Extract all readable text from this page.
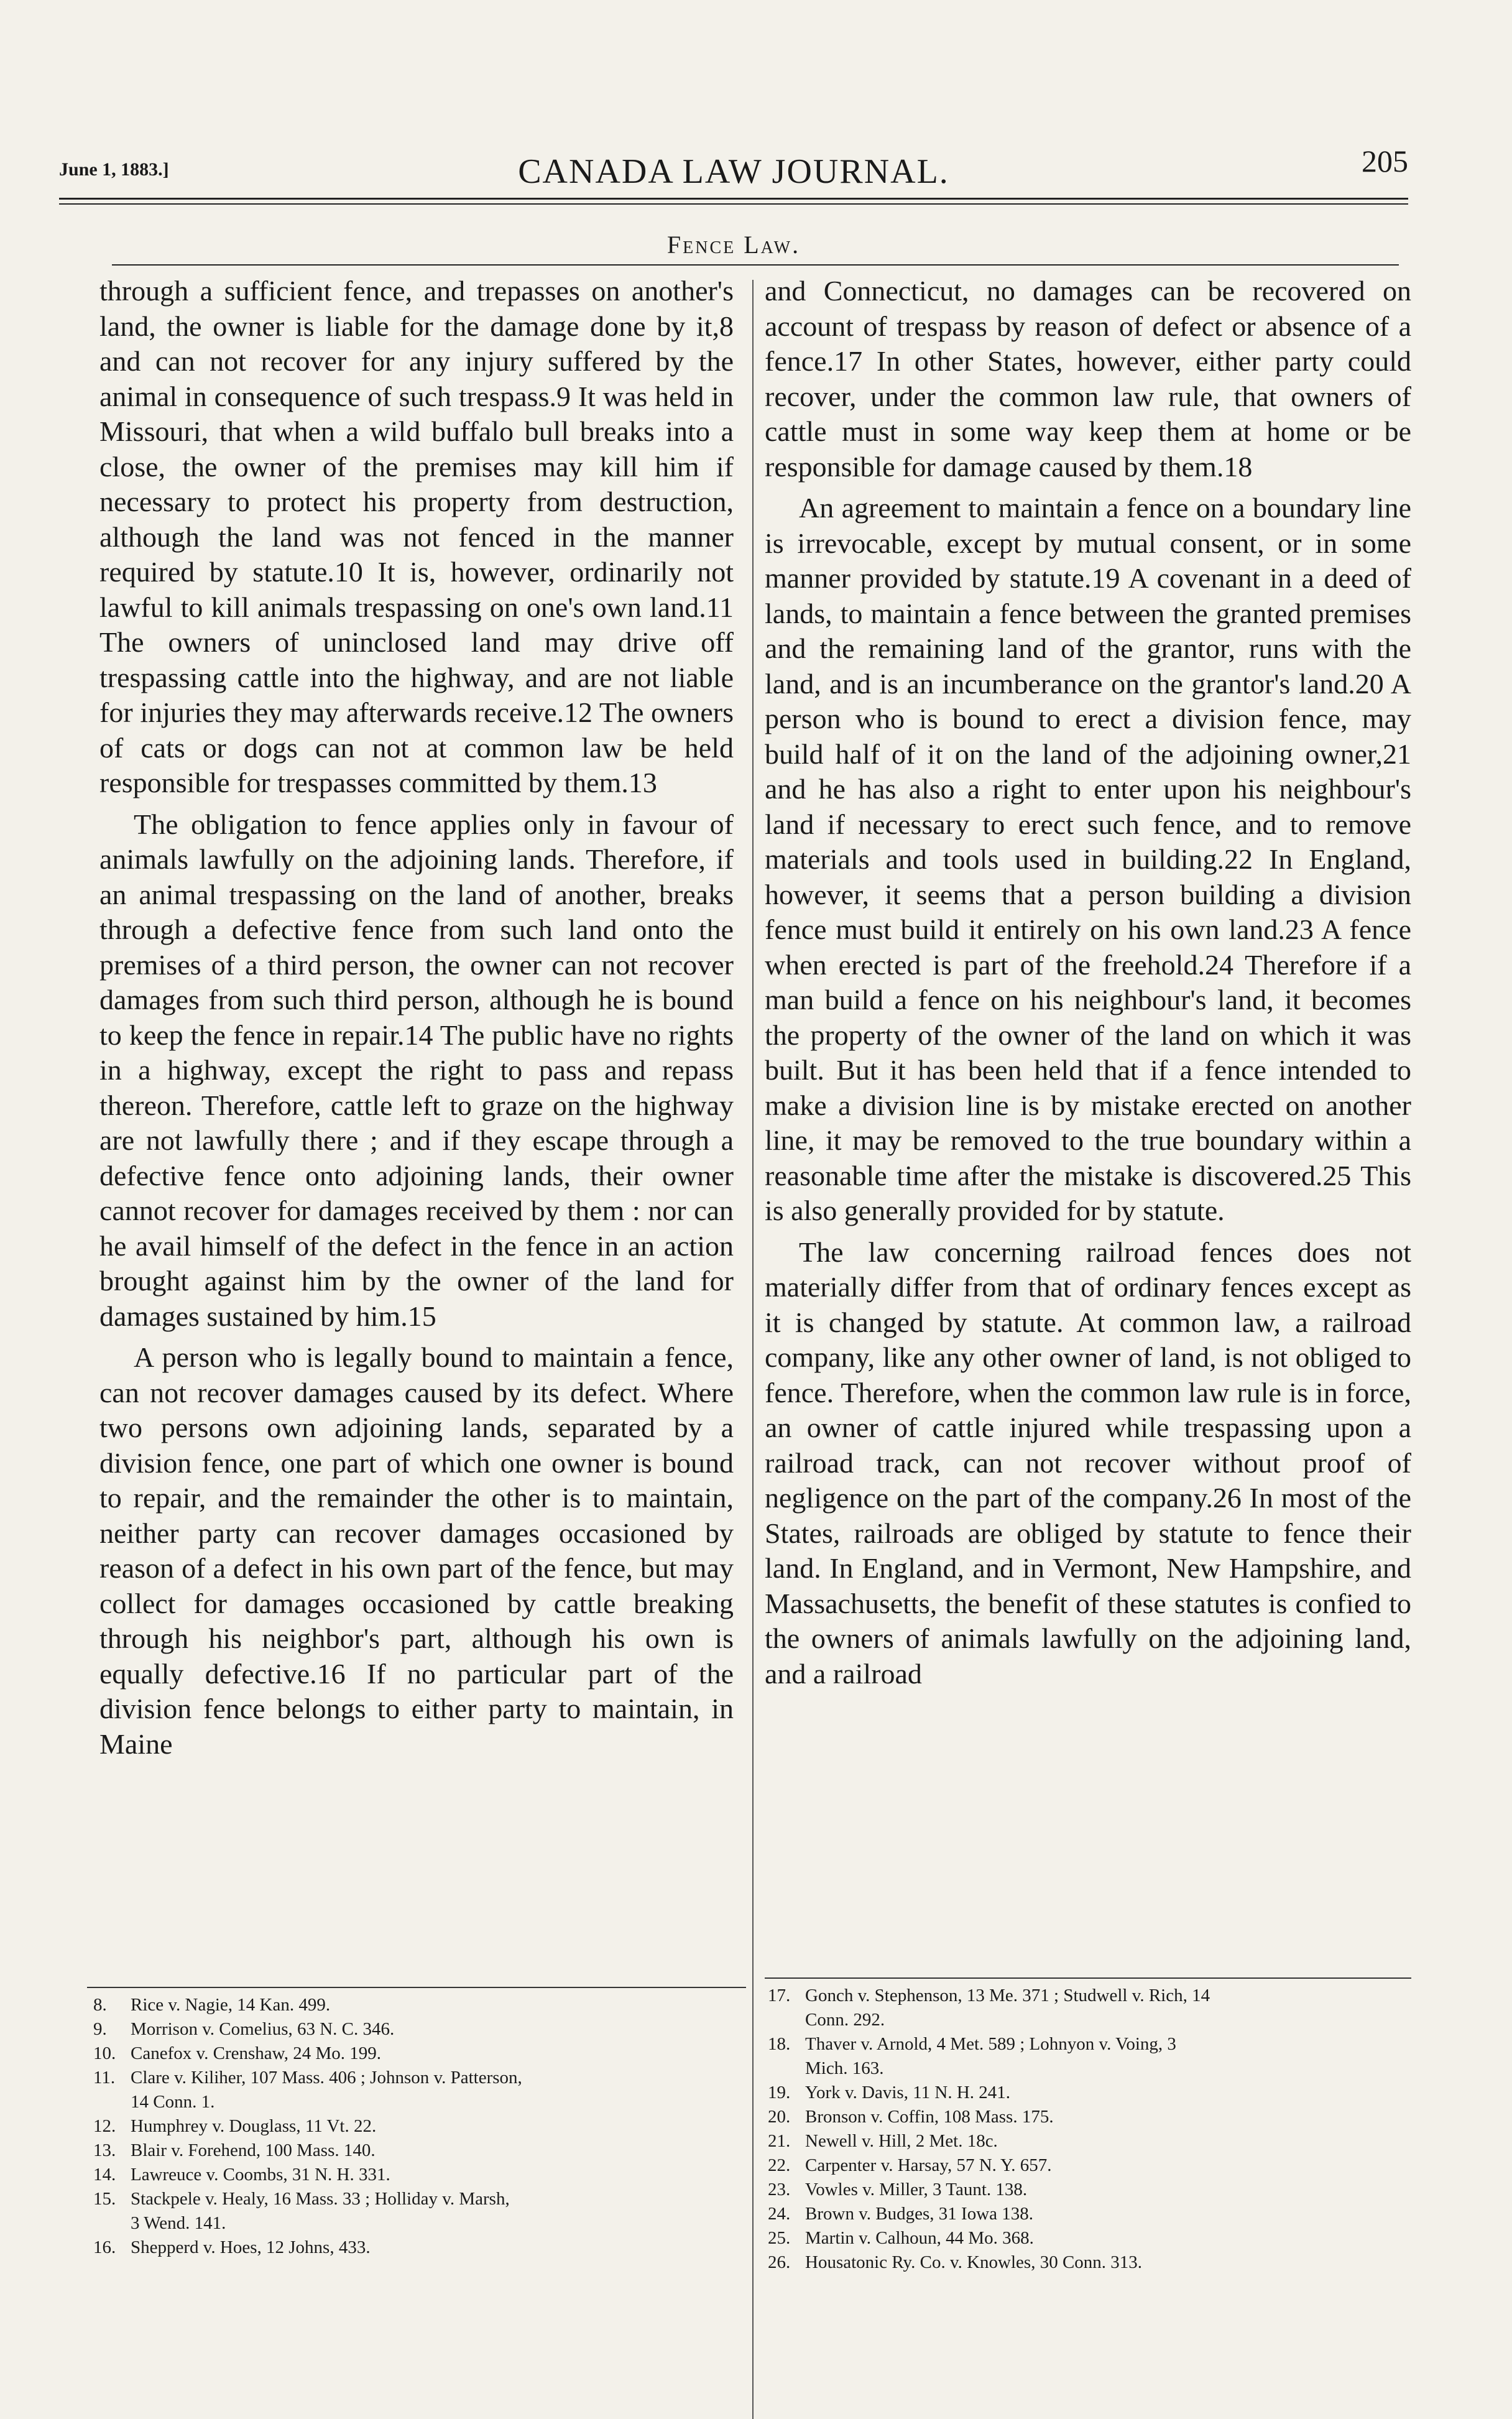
June 1, 1883.]	CANADA LAW JOURNAL.	205
Fence Law.

through a sufficient fence, and trepasses on another's land, the owner is liable for the damage done by it,8 and can not recover for any injury suffered by the animal in consequence of such trespass.9 It was held in Missouri, that when a wild buffalo bull breaks into a close, the owner of the premises may kill him if necessary to protect his property from destruction, although the land was not fenced in the manner required by statute.10 It is, however, ordinarily not lawful to kill animals trespassing on one's own land.11 The owners of uninclosed land may drive off trespassing cattle into the highway, and are not liable for injuries they may afterwards receive.12 The owners of cats or dogs can not at common law be held responsible for trespasses committed by them.13

The obligation to fence applies only in favour of animals lawfully on the adjoining lands. Therefore, if an animal trespassing on the land of another, breaks through a defective fence from such land onto the premises of a third person, the owner can not recover damages from such third person, although he is bound to keep the fence in repair.14 The public have no rights in a highway, except the right to pass and repass thereon. Therefore, cattle left to graze on the highway are not lawfully there ; and if they escape through a defective fence onto adjoining lands, their owner cannot recover for damages received by them : nor can he avail himself of the defect in the fence in an action brought against him by the owner of the land for damages sustained by him.15

A person who is legally bound to maintain a fence, can not recover damages caused by its defect. Where two persons own adjoining lands, separated by a division fence, one part of which one owner is bound to repair, and the remainder the other is to maintain, neither party can recover damages occasioned by reason of a defect in his own part of the fence, but may collect for damages occasioned by cattle breaking through his neighbor's part, although his own is equally defective.16 If no particular part of the division fence belongs to either party to maintain, in Maine

and Connecticut, no damages can be recovered on account of trespass by reason of defect or absence of a fence.17 In other States, however, either party could recover, under the common law rule, that owners of cattle must in some way keep them at home or be responsible for damage caused by them.18

An agreement to maintain a fence on a boundary line is irrevocable, except by mutual consent, or in some manner provided by statute.19 A covenant in a deed of lands, to maintain a fence between the granted premises and the remaining land of the grantor, runs with the land, and is an incumberance on the grantor's land.20 A person who is bound to erect a division fence, may build half of it on the land of the adjoining owner,21 and he has also a right to enter upon his neighbour's land if necessary to erect such fence, and to remove materials and tools used in building.22 In England, however, it seems that a person building a division fence must build it entirely on his own land.23 A fence when erected is part of the freehold.24 Therefore if a man build a fence on his neighbour's land, it becomes the property of the owner of the land on which it was built. But it has been held that if a fence intended to make a division line is by mistake erected on another line, it may be removed to the true boundary within a reasonable time after the mistake is discovered.25 This is also generally provided for by statute.

The law concerning railroad fences does not materially differ from that of ordinary fences except as it is changed by statute. At common law, a railroad company, like any other owner of land, is not obliged to fence. Therefore, when the common law rule is in force, an owner of cattle injured while trespassing upon a railroad track, can not recover without proof of negligence on the part of the company.26 In most of the States, railroads are obliged by statute to fence their land. In England, and in Vermont, New Hampshire, and Massachusetts, the benefit of these statutes is confied to the owners of animals lawfully on the adjoining land, and a railroad

8. Rice v. Nagie, 14 Kan. 499.
9. Morrison v. Comelius, 63 N. C. 346.
10. Canefox v. Crenshaw, 24 Mo. 199.
11. Clare v. Kiliher, 107 Mass. 406 ; Johnson v. Patterson,
14 Conn. 1.
12. Humphrey v. Douglass, 11 Vt. 22.
13. Blair v. Forehend, 100 Mass. 140.
14. Lawreuce v. Coombs, 31 N. H. 331.
15. Stackpele v. Healy, 16 Mass. 33 ; Holliday v. Marsh,
3 Wend. 141.
16. Shepperd v. Hoes, 12 Johns, 433.
17. Gonch v. Stephenson, 13 Me. 371 ; Studwell v. Rich, 14
Conn. 292.
18. Thaver v. Arnold, 4 Met. 589 ; Lohnyon v. Voing, 3
Mich. 163.
19. York v. Davis, 11 N. H. 241.
20. Bronson v. Coffin, 108 Mass. 175.
21. Newell v. Hill, 2 Met. 18c.
22. Carpenter v. Harsay, 57 N. Y. 657.
23. Vowles v. Miller, 3 Taunt. 138.
24. Brown v. Budges, 31 Iowa 138.
25. Martin v. Calhoun, 44 Mo. 368.
26. Housatonic Ry. Co. v. Knowles, 30 Conn. 313.
